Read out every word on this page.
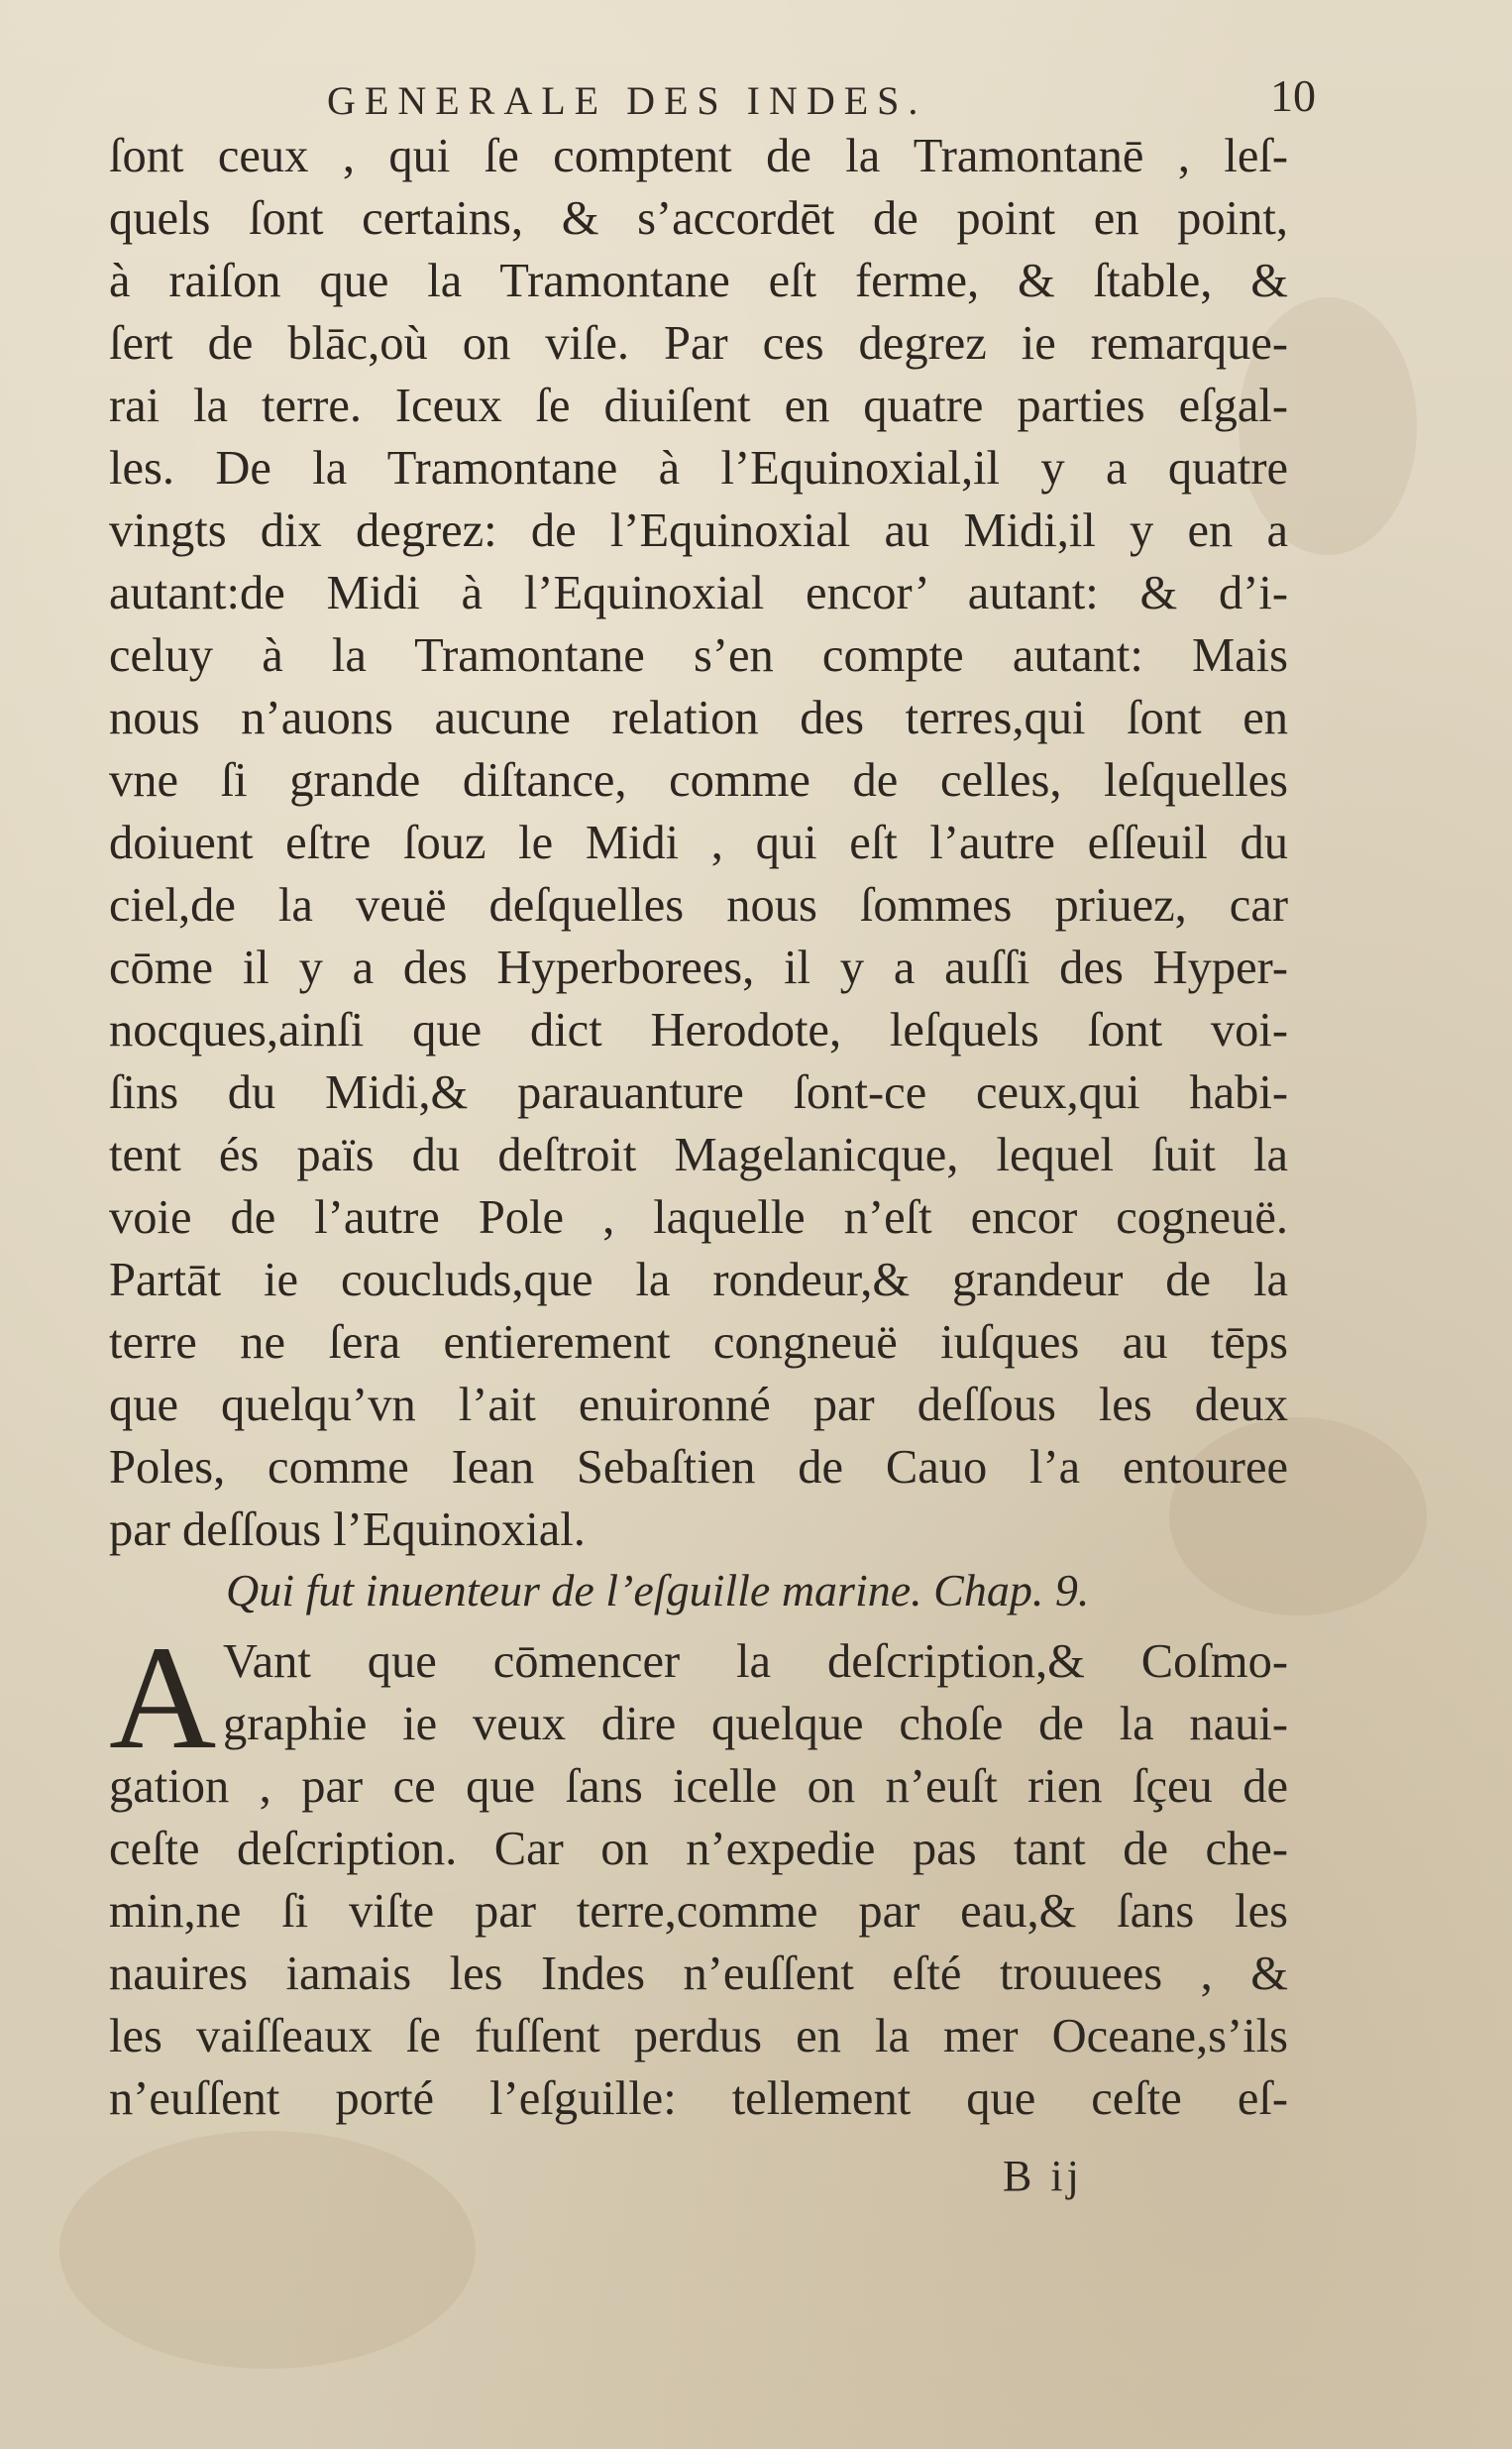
GENERALE DES INDES.	10
ſont ceux , qui ſe comptent de la Tramontanē , leſ-
quels ſont certains, & s’accordēt de point en point,
à raiſon que la Tramontane eſt ferme, & ſtable, &
ſert de blāc,où on viſe. Par ces degrez ie remarque-
rai la terre. Iceux ſe diuiſent en quatre parties eſgal-
les. De la Tramontane à l’Equinoxial,il y a quatre
vingts dix degrez: de l’Equinoxial au Midi,il y en a
autant:de Midi à l’Equinoxial encor’ autant: & d’i-
celuy à la Tramontane s’en compte autant: Mais
nous n’auons aucune relation des terres,qui ſont en
vne ſi grande diſtance, comme de celles, leſquelles
doiuent eſtre ſouz le Midi , qui eſt l’autre eſſeuil du
ciel,de la veuë deſquelles nous ſommes priuez, car
cōme il y a des Hyperborees, il y a auſſi des Hyper-
nocques,ainſi que dict Herodote, leſquels ſont voi-
ſins du Midi,& parauanture ſont-ce ceux,qui habi-
tent és païs du deſtroit Magelanicque, lequel ſuit la
voie de l’autre Pole , laquelle n’eſt encor cogneuë.
Partāt ie coucluds,que la rondeur,& grandeur de la
terre ne ſera entierement congneuë iuſques au tēps
que quelqu’vn l’ait enuironné par deſſous les deux
Poles, comme Iean Sebaſtien de Cauo l’a entouree
par deſſous l’Equinoxial.
Qui fut inuenteur de l’eſguille marine. Chap. 9.
A Vant que cōmencer la deſcription,& Coſmo-
graphie ie veux dire quelque choſe de la naui-
gation , par ce que ſans icelle on n’euſt rien ſçeu de
ceſte deſcription. Car on n’expedie pas tant de che-
min,ne ſi viſte par terre,comme par eau,& ſans les
nauires iamais les Indes n’euſſent eſté trouuees , &
les vaiſſeaux ſe fuſſent perdus en la mer Oceane,s’ils
n’euſſent porté l’eſguille: tellement que ceſte eſ-
B ij
